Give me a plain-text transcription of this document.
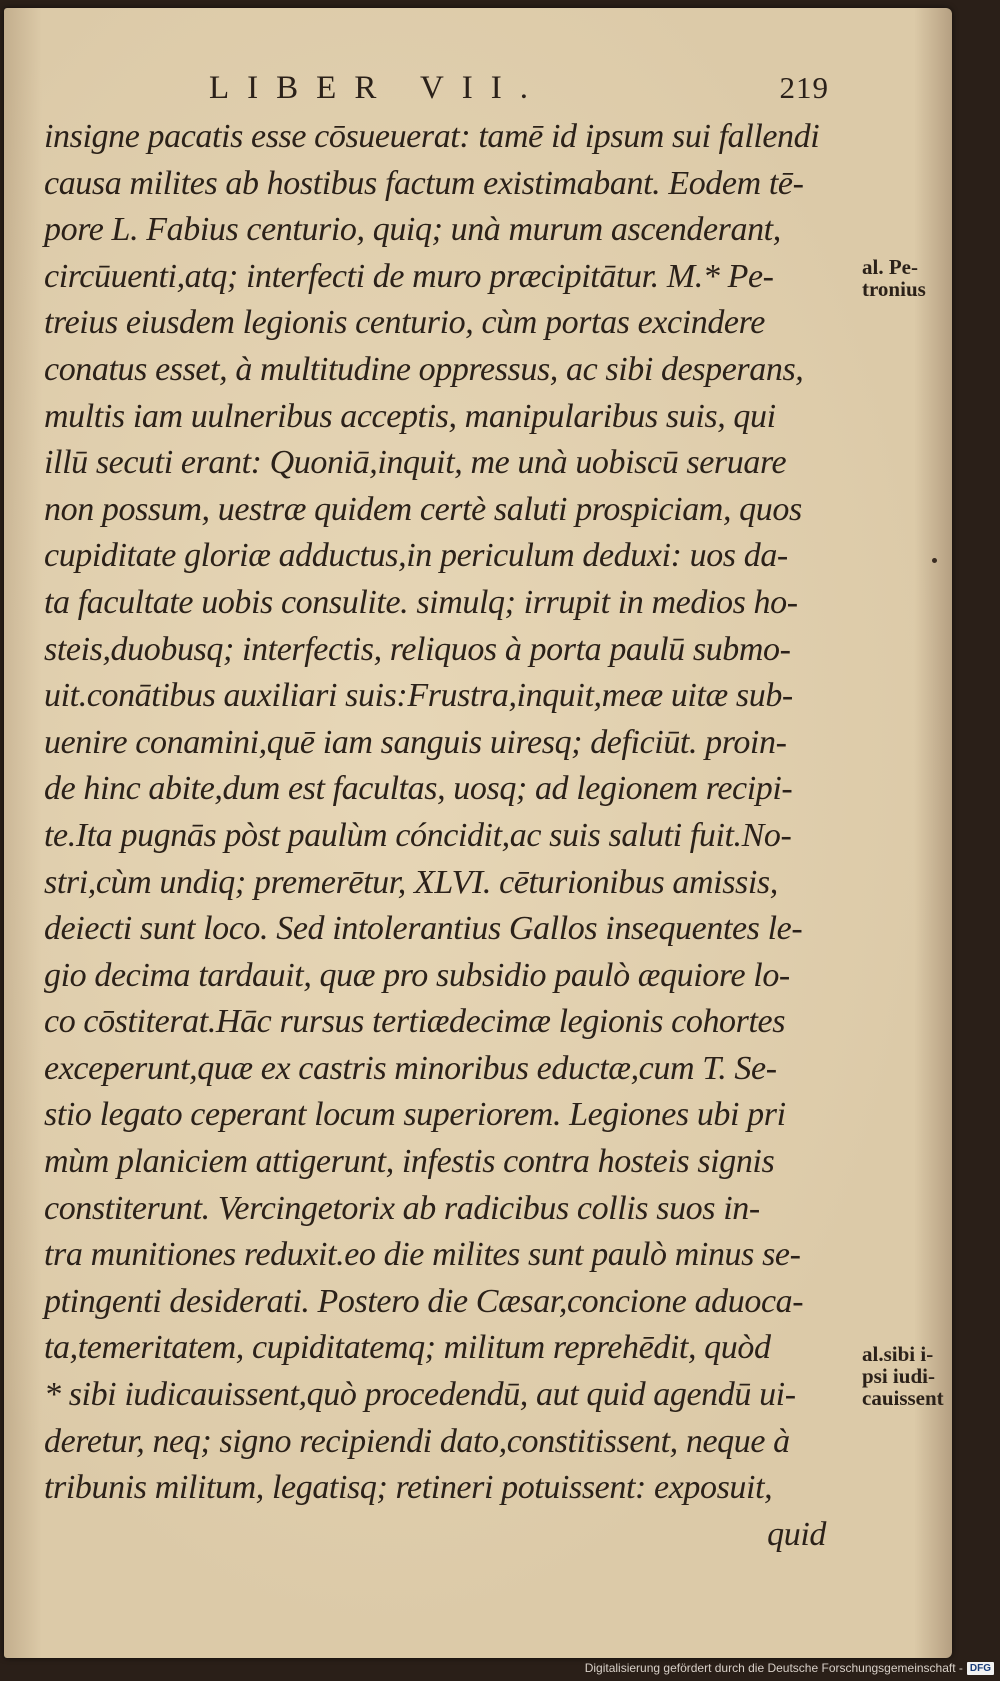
LIBER VII.	219
insigne pacatis esse cōsueuerat: tamē id ipsum sui fallendi
causa milites ab hostibus factum existimabant. Eodem tē-
pore L. Fabius centurio, quiq; unà murum ascenderant,
circūuenti,atq; interfecti de muro præcipitātur. M.* Pe-
treius eiusdem legionis centurio, cùm portas excindere
conatus esset, à multitudine oppressus, ac sibi desperans,
multis iam uulneribus acceptis, manipularibus suis, qui
illū secuti erant: Quoniā,inquit, me unà uobiscū seruare
non possum, uestræ quidem certè saluti prospiciam, quos
cupiditate gloriæ adductus,in periculum deduxi: uos da-
ta facultate uobis consulite. simulq; irrupit in medios ho-
steis,duobusq; interfectis, reliquos à porta paulū submo-
uit.conātibus auxiliari suis:Frustra,inquit,meæ uitæ sub-
uenire conamini,quē iam sanguis uiresq; deficiūt. proin-
de hinc abite,dum est facultas, uosq; ad legionem recipi-
te.Ita pugnās pòst paulùm cóncidit,ac suis saluti fuit.No-
stri,cùm undiq; premerētur, XLVI. cēturionibus amissis,
deiecti sunt loco. Sed intolerantius Gallos insequentes le-
gio decima tardauit, quæ pro subsidio paulò æquiore lo-
co cōstiterat.Hāc rursus tertiædecimæ legionis cohortes
exceperunt,quæ ex castris minoribus eductæ,cum T. Se-
stio legato ceperant locum superiorem. Legiones ubi pri
mùm planiciem attigerunt, infestis contra hosteis signis
constiterunt. Vercingetorix ab radicibus collis suos in-
tra munitiones reduxit.eo die milites sunt paulò minus se-
ptingenti desiderati. Postero die Cæsar,concione aduoca-
ta,temeritatem, cupiditatemq; militum reprehēdit, quòd
* sibi iudicauissent,quò procedendū, aut quid agendū ui-
deretur, neq; signo recipiendi dato,constitissent, neque à
tribunis militum, legatisq; retineri potuissent: exposuit,
quid
al. Pe-
tronius
al.sibi i-
psi iudi-
cauissent
Digitalisierung gefördert durch die Deutsche Forschungsgemeinschaft - DFG
